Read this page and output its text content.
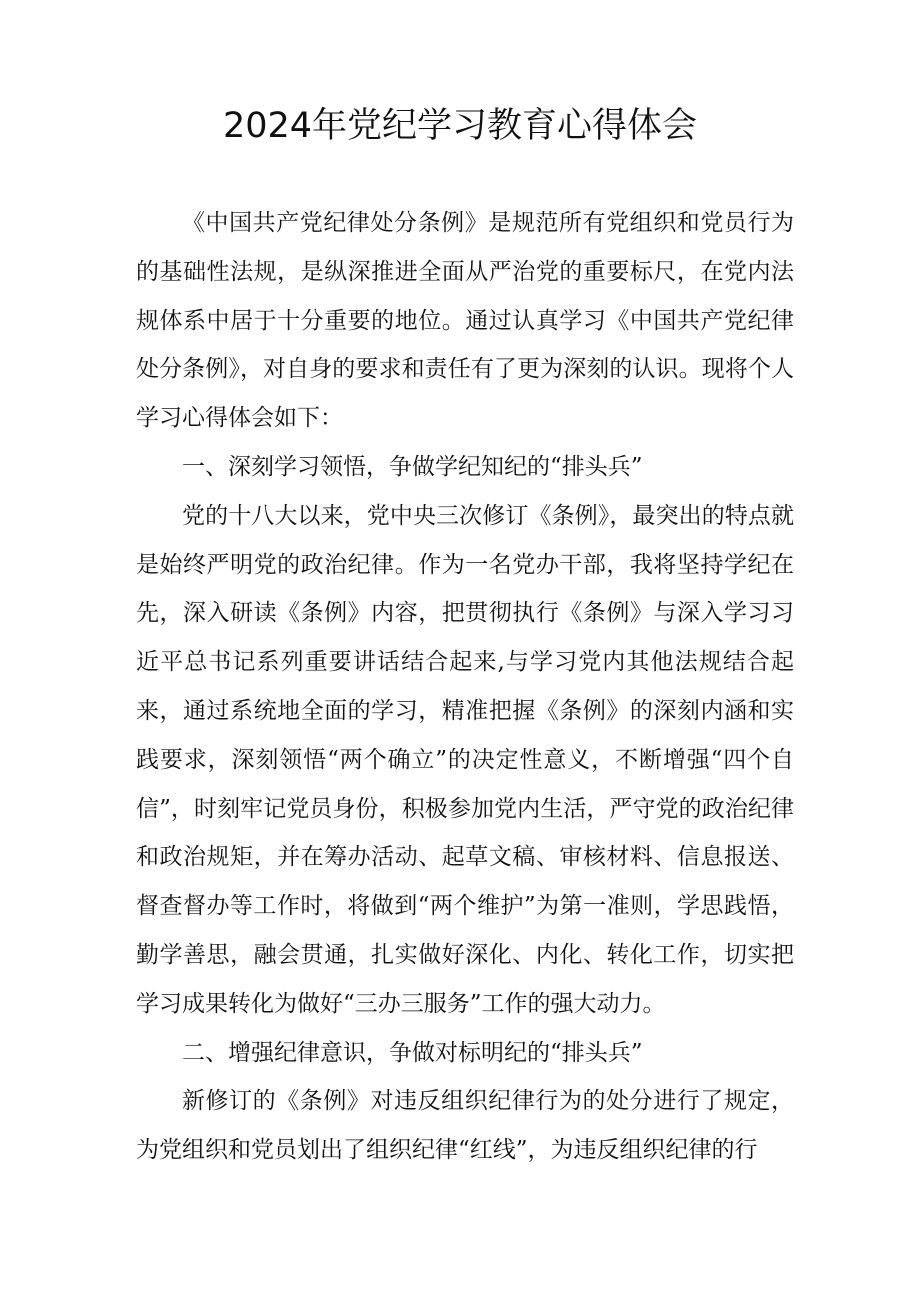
2024年党纪学习教育心得体会

《中国共产党纪律处分条例》是规范所有党组织和党员行为的基础性法规，是纵深推进全面从严治党的重要标尺，在党内法规体系中居于十分重要的地位。通过认真学习《中国共产党纪律处分条例》，对自身的要求和责任有了更为深刻的认识。现将个人学习心得体会如下：

一、深刻学习领悟，争做学纪知纪的“排头兵”

党的十八大以来，党中央三次修订《条例》，最突出的特点就是始终严明党的政治纪律。作为一名党办干部，我将坚持学纪在先，深入研读《条例》内容，把贯彻执行《条例》与深入学习习近平总书记系列重要讲话结合起来,与学习党内其他法规结合起来，通过系统地全面的学习，精准把握《条例》的深刻内涵和实践要求，深刻领悟“两个确立”的决定性意义，不断增强“四个自信”，时刻牢记党员身份，积极参加党内生活，严守党的政治纪律和政治规矩，并在筹办活动、起草文稿、审核材料、信息报送、督查督办等工作时，将做到“两个维护”为第一准则，学思践悟，勤学善思，融会贯通，扎实做好深化、内化、转化工作，切实把学习成果转化为做好“三办三服务”工作的强大动力。

二、增强纪律意识，争做对标明纪的“排头兵”

新修订的《条例》对违反组织纪律行为的处分进行了规定，为党组织和党员划出了组织纪律“红线”，为违反组织纪律的行
